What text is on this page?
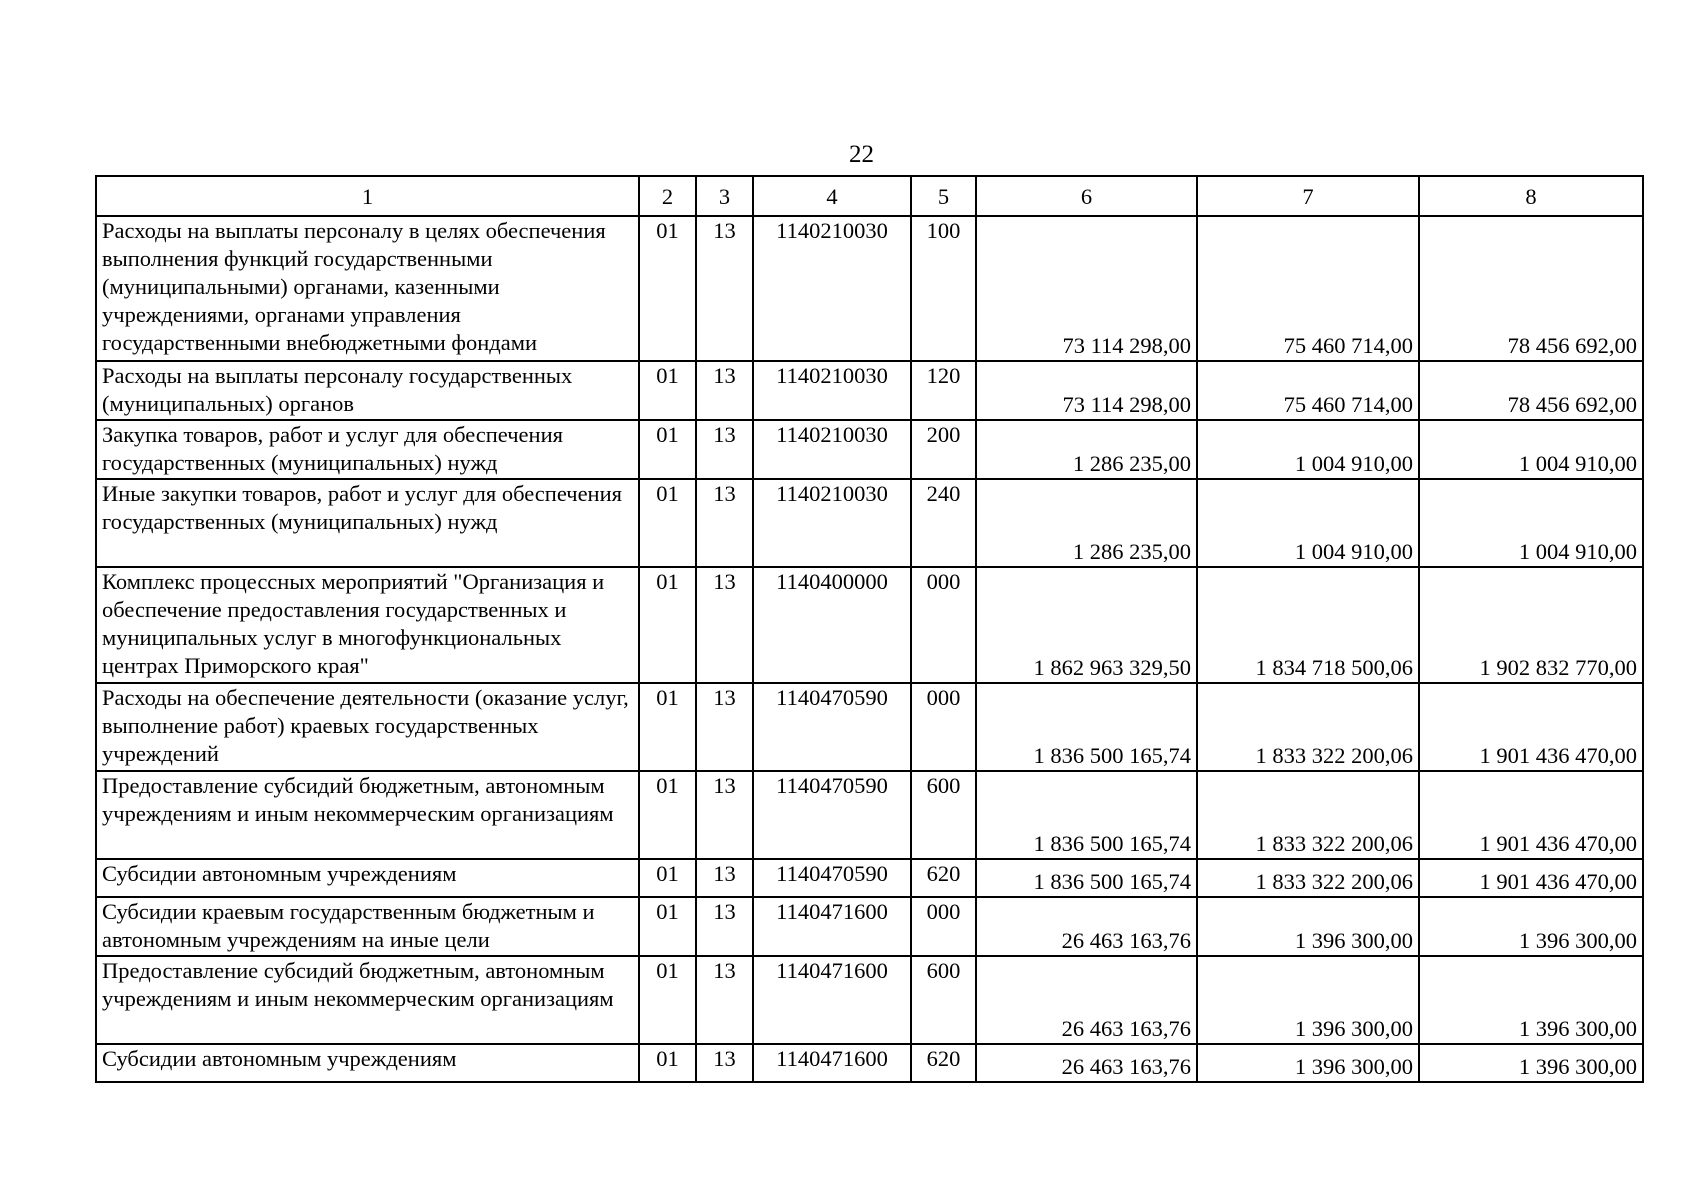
22
1	2	3	4	5	6	7	8
Расходы на выплаты персоналу в целях обеспечения выполнения функций государственными (муниципальными) органами, казенными учреждениями, органами управления государственными внебюджетными фондами	01	13	1140210030	100	73 114 298,00	75 460 714,00	78 456 692,00
Расходы на выплаты персоналу государственных (муниципальных) органов	01	13	1140210030	120	73 114 298,00	75 460 714,00	78 456 692,00
Закупка товаров, работ и услуг для обеспечения государственных (муниципальных) нужд	01	13	1140210030	200	1 286 235,00	1 004 910,00	1 004 910,00
Иные закупки товаров, работ и услуг для обеспечения государственных (муниципальных) нужд	01	13	1140210030	240	1 286 235,00	1 004 910,00	1 004 910,00
Комплекс процессных мероприятий "Организация и обеспечение предоставления государственных и муниципальных услуг в многофункциональных центрах Приморского края"	01	13	1140400000	000	1 862 963 329,50	1 834 718 500,06	1 902 832 770,00
Расходы на обеспечение деятельности (оказание услуг, выполнение работ) краевых государственных учреждений	01	13	1140470590	000	1 836 500 165,74	1 833 322 200,06	1 901 436 470,00
Предоставление субсидий бюджетным, автономным учреждениям и иным некоммерческим организациям	01	13	1140470590	600	1 836 500 165,74	1 833 322 200,06	1 901 436 470,00
Субсидии автономным учреждениям	01	13	1140470590	620	1 836 500 165,74	1 833 322 200,06	1 901 436 470,00
Субсидии краевым государственным бюджетным и автономным учреждениям на иные цели	01	13	1140471600	000	26 463 163,76	1 396 300,00	1 396 300,00
Предоставление субсидий бюджетным, автономным учреждениям и иным некоммерческим организациям	01	13	1140471600	600	26 463 163,76	1 396 300,00	1 396 300,00
Субсидии автономным учреждениям	01	13	1140471600	620	26 463 163,76	1 396 300,00	1 396 300,00
